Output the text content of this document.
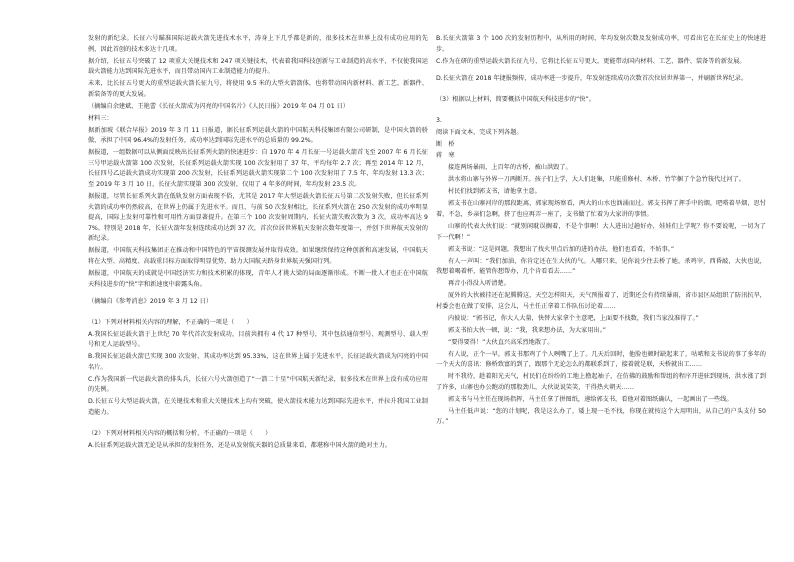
发射的新纪录。长征六号瞄准国际运载火箭先进技术水平，涛身上下几乎都是新的，很多技术在世界上没有成功应用的先例，因此首创的技术多达十几项。

据介绍，长征五号突破了 12 项重大关键技术和 247 项关键技术，代表着我国科技创新与工业制造的高水平，不仅使我国运载火箭能力达到国际先进水平，而且带动国内工业制造能力的提升。

未来，比长征五号更大的重型运载火箭长征九号，将使用 9.5 米的大型火箭箭体，也将带动国内新材料、新工艺、新器件、新装备等的更大发展。

（摘编自余建斌、王艳蕾《长征火箭成为闪亮的中国名片》《人民日报》2019 年 04 月 01 日）

材料三：

据新加坡《联合早报》2019 年 3 月 11 日报道，据长征系列运载火箭的中国航天科技集团有限公司研制，是中国火箭的骄傲，承担了中国 96.4%的发射任务，成功率达到国际先进水平的总质量的 99.2%。

据报道，一组数据可以从侧面反映出长征系列火箭的快速进步：自 1970 年 4 月长征一号运载火箭首飞至 2007 年 6 月长征三号甲运载火箭第 100 次发射，长征系列运载火箭实现 100 次发射用了 37 年，平均每年 2.7 次；再至 2014 年 12 月，长征四号乙运载火箭成功实现第 200 次发射，长征系列运载火箭实现第二个 100 次发射用了 7.5 年，年均发射 13.3 次；至 2019 年 3 月 10 日，长征火箭实现第 300 次发射，仅用了 4 年多的时间，年均发射 23.5 次。

据报道，尽管长征系列火箭在低轨发射方面表现不俗，尤其是 2017 年大型运载火箭长征五号第二次发射失败，但长征系列火箭的成功率仍然较高，在世界上仍属于先进水平。而且，与前 50 次发射相比，长征系列火箭在 250 次发射的成功率明显提高，国际上发射可靠性和可用性方面显著提升。在第三个 100 次发射周期内，长征火箭失败次数为 3 次，成功率高达 97%。特别是 2018 年，长征火箭年发射连续成功达到 37 次，首次位居世界航天发射次数年度第一，并创下世界航天发射的新纪录。

据报道，中国航天科技集团正在推动和中国特色的宇宙探测发展并取得成效。如果继续保持这种创新和高速发展，中国航天将在大型、高精度、高载重目标方面取得明显优势，助力大国航天跻身世界航天强国行列。

据报道，中国航天的成就是中国经济实力和技术积累的体现，青年人才挑大梁的局面逐渐形成。不断一批人才也正在中国航天科技进步的“快”字和新速度中崭露头角。

（摘编自《参考消息》2019 年 3 月 12 日）

（1）下列对材料相关内容的理解，不正确的一项是（　　）

A.我国长征运载火箭于上世纪 70 年代首次发射成功，目前共拥有 4 代 17 种型号，其中包括通信型号、观测型号、载人型号和无人运载型号。

B.我国长征运载火箭已实现 300 次发射，其成功率达到 95.33%，这在世界上属于先进水平，长征运载火箭成为闪亮的中国名片。

C.作为我国新一代运载火箭的排头兵，长征六号火箭创造了“一箭二十星”中国航天新纪录，很多技术在世界上没有成功应用的先例。

D.长征五号大型运载火箭，在关键技术和重大关键技术上均有突破，使火箭技术能力达到国际先进水平，并拉升我国工业制造能力。

（2）下列对材料相关内容的概括和分析，不正确的一项是（　　）

A.长征系列运载火箭无论是从承担的发射任务，还是从发射航天器的总质量来看，都堪称中国火箭的绝对主力。

B.长征火箭第 3 个 100 次的发射历程中，从所用的时间、年均发射次数及发射成功率，可看出它在长征史上的快速进步。

C.作为在研的重型运载火箭长征九号，它将比长征五号更大，更能带动国内材料、工艺、器件、装备等的新发展。

D.长征火箭在 2018 年捷报频传，成功率进一步提升，年发射连续成功次数首次位居世界第一，并刷新世界纪录。

（3）根据以上材料，简要概括中国航天科技进步的“快”。

3.

阅读下面文本，完成下列各题。

断　桥

蒋　寒

接连两场暴雨，上百年的古桥，被山洪毁了。

洪水将山寨与外界一刀两断开。孩子们上学，大人们赶集，只能重修村、木桥、竹竿捆了个急竹筏代过河了。

村民们找到郭支书，请他拿主意。

郭支书在山寨河岸的那段距离，郭家现场察看，两大的山水也汹涌而过。郭支书挥了挥手中的烟，吧嗒着旱烟，思忖着，不急，乡亲们急啊，挤了也应再弄一座了，支书做了忙着为大家讲的事情。

山寨的代表大伙们说：“就别闲耽误搁着，不是个事啊！大人进出过趟好办，娃娃们上学呢？你不要说呢，一切为了下一代啊！”

郭支书说：“这是问题，我想出了找火里点后加的进的办法，他们也看看，不妨事。”

有人一声叫：“我们加油，你肯定还在生大伙的气。入哪只来，见你说少往去桥了她，杀鸡宰，西昏敲，大伙也说，我想着喝着杯，能管你想帮办，几个肯看看去……”

再音小得没入听清楚。

厦外的大伙被挂还在泥腾腾这，天空怎样阳天，天气预报着了，近期还会有持续暴雨，省市县区局组织了防汛抗旱，村委会也在做了安排，这会儿，马主任正拿着工作队伍讨论着……

内彼说：“郭书记，你大人大量，快替大家拿个主意吧，上面要不找数，我们当家没准得了。”

郭支书拍大伙一顿，说：“我，我来想办法，为大家用出。”

“要得要得！”大伙直兴高采烈地散了。

有人说，正个一早，郭支书那鸡了个人咧嘴了上了。几天后回时，他脸也顿时缺起来了，咕哝和支书说的事了多年的一个天大的喜讯：修桥致富的到了，跟那个无论怎么的都联系到了，接着就是联，天桥就出工……

时不我待，趁着阳光天气，村民们在纷纷的工地上撸起袖子，在仿佛的鼓励和帮组的程序开进驻到现场，洪水涨了到了许多，山寨也办公跑动的那股劲儿，大伙说说笑笑，干得热火朝天……

郭支书与马主任在现场指挥，马主任拿了拼图纸，递给郭支书，看他对着图纸确认，一起画出了一些线。

马主任低声说：“您的计划呢，我是这么办了，矮上现一毛不找，你现在就按这个大用明出，从自己的户头支付 50 万。”
